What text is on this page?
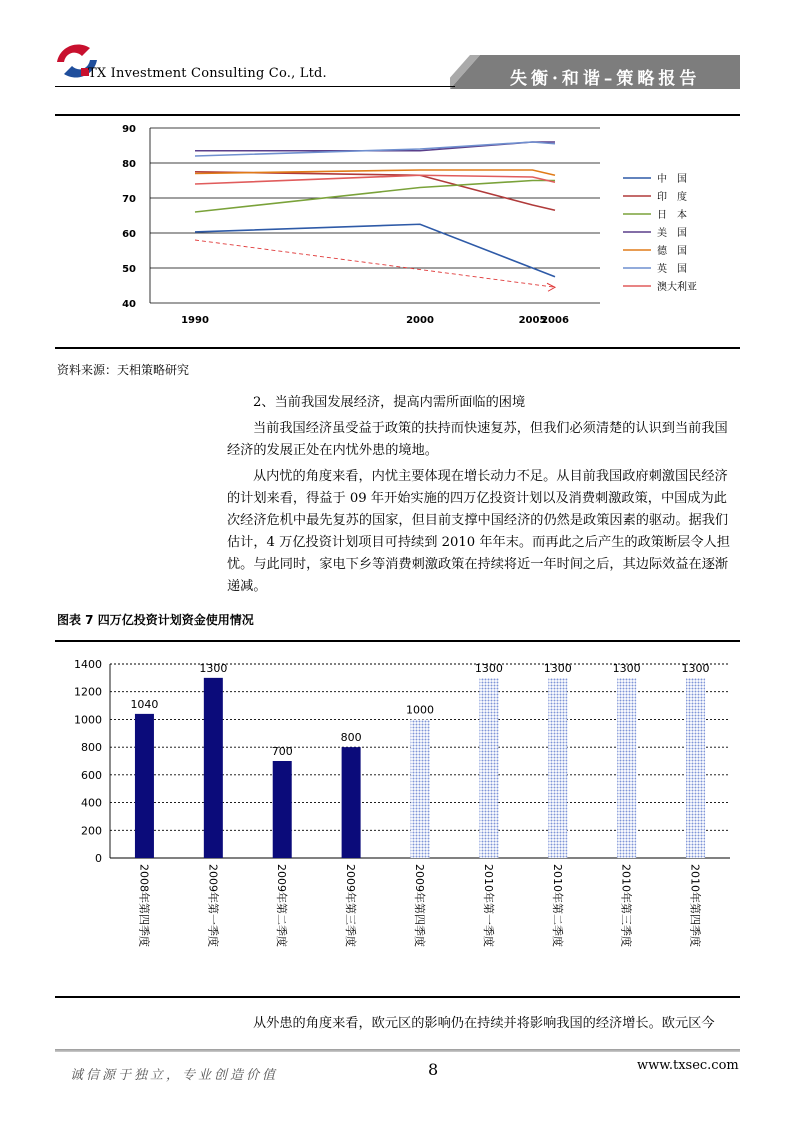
TX Investment Consulting Co., Ltd.	失衡·和谐–策略报告
40
50
60
70
80
90
1990	2000	2005
2006
中　国
印　度
日　本
美　国
德　国
英　国
澳大利亚
资料来源：天相策略研究

2、当前我国发展经济，提高内需所面临的困境

当前我国经济虽受益于政策的扶持而快速复苏，但我们必须清楚的认识到当前我国经济的发展正处在内忧外患的境地。

从内忧的角度来看，内忧主要体现在增长动力不足。从目前我国政府刺激国民经济的计划来看，得益于 09 年开始实施的四万亿投资计划以及消费刺激政策，中国成为此次经济危机中最先复苏的国家，但目前支撑中国经济的仍然是政策因素的驱动。据我们估计，4 万亿投资计划项目可持续到 2010 年年末。而再此之后产生的政策断层令人担忧。与此同时，家电下乡等消费刺激政策在持续将近一年时间之后，其边际效益在逐渐递减。

图表 7 四万亿投资计划资金使用情况
0
200
400
600
800
1000
1200
1400
1040
1300
700
800
1000
1300	1300	1300	1300
2008年第四季度	2009年第一季度	2009年第二季度	2009年第三季度	2009年第四季度	2010年第一季度	2010年第二季度	2010年第三季度	2010年第四季度
从外患的角度来看，欧元区的影响仍在持续并将影响我国的经济增长。欧元区今
诚信源于独立，专业创造价值	8	www.txsec.com
